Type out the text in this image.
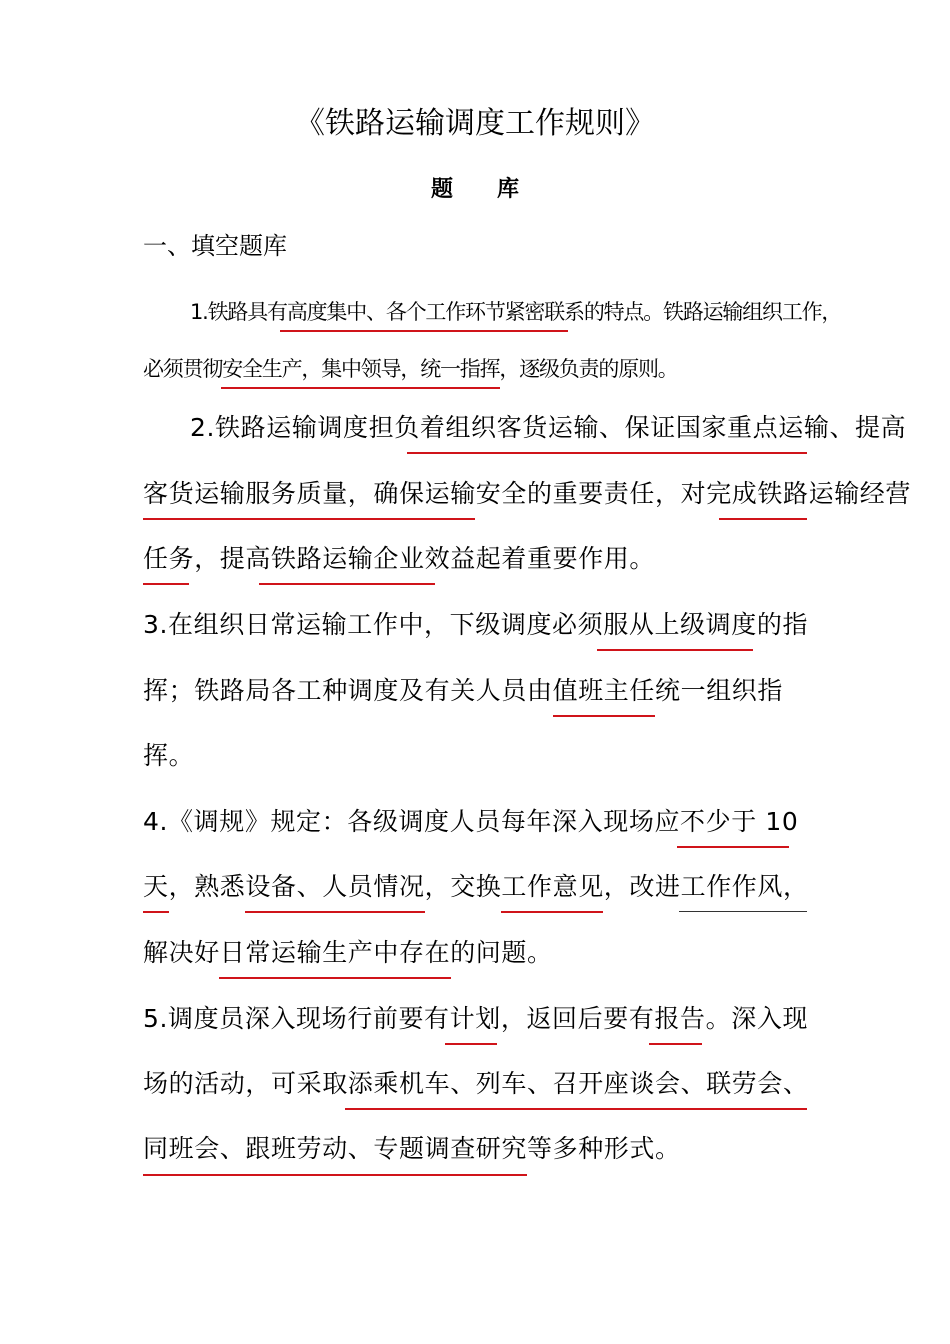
《铁路运输调度工作规则》
题库
一、填空题库
1.铁路具有高度集中、各个工作环节紧密联系的特点。铁路运输组织工作，
必须贯彻安全生产，集中领导，统一指挥，逐级负责的原则。
2.铁路运输调度担负着组织客货运输、保证国家重点运输、提高
客货运输服务质量，确保运输安全的重要责任，对完成铁路运输经营
任务，提高铁路运输企业效益起着重要作用。
3.在组织日常运输工作中，下级调度必须服从上级调度的指
挥；铁路局各工种调度及有关人员由值班主任统一组织指
挥。
4.《调规》规定：各级调度人员每年深入现场应不少于 10
天，熟悉设备、人员情况，交换工作意见，改进工作作风，
解决好日常运输生产中存在的问题。
5.调度员深入现场行前要有计划，返回后要有报告。深入现
场的活动，可采取添乘机车、列车、召开座谈会、联劳会、
同班会、跟班劳动、专题调查研究等多种形式。
